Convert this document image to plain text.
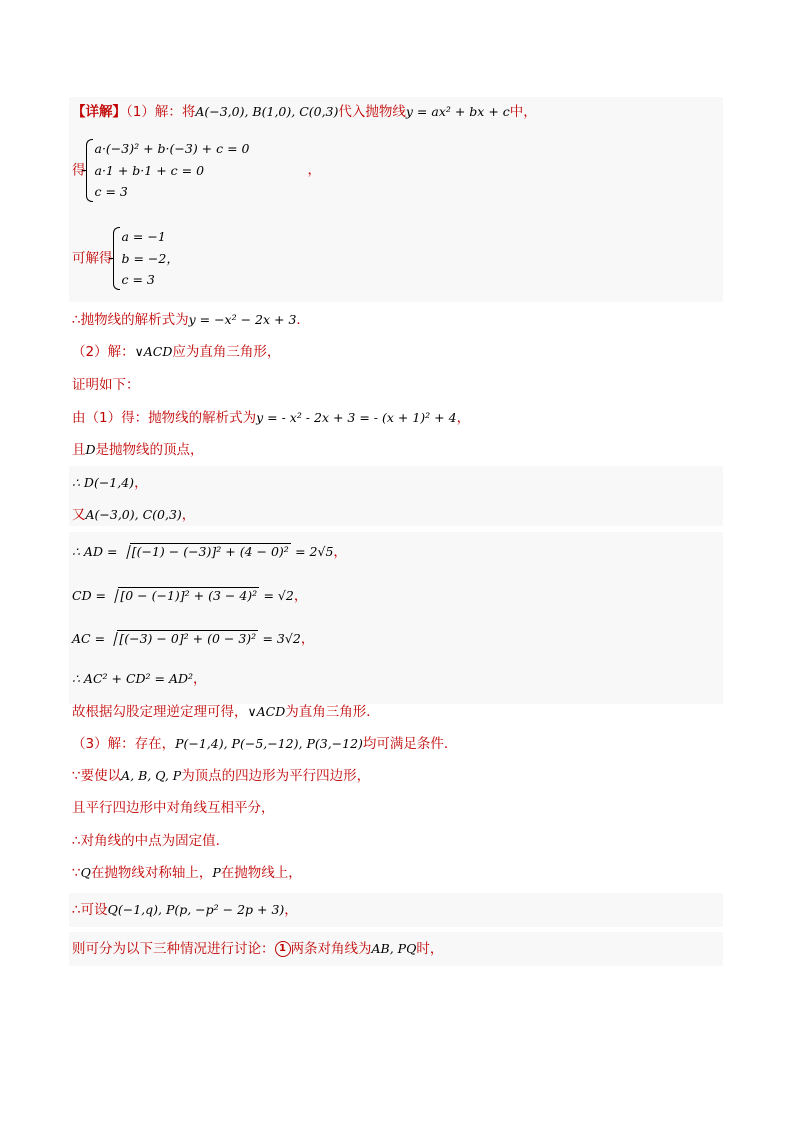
【详解】（1）解：将A(−3,0), B(1,0), C(0,3)代入抛物线y = ax² + bx + c中，
得
a·(−3)² + b·(−3) + c = 0
a·1 + b·1 + c = 0
c = 3
，
可解得
a = −1
b = −2，
c = 3
∴抛物线的解析式为y = −x² − 2x + 3．
（2）解：∨ACD应为直角三角形，
证明如下：
由（1）得：抛物线的解析式为y = - x² - 2x + 3 = - (x + 1)² + 4，
且D是抛物线的顶点，
∴ D(−1,4)，
又A(−3,0), C(0,3)，
∴ AD = [(−1) − (−3)]² + (4 − 0)² = 2√5，
CD = [0 − (−1)]² + (3 − 4)² = √2，
AC = [(−3) − 0]² + (0 − 3)² = 3√2，
∴ AC² + CD² = AD²，
故根据勾股定理逆定理可得，∨ACD为直角三角形．
（3）解：存在，P(−1,4), P(−5,−12), P(3,−12)均可满足条件．
∵要使以A, B, Q, P为顶点的四边形为平行四边形，
且平行四边形中对角线互相平分，
∴对角线的中点为固定值．
∵Q在抛物线对称轴上，P在抛物线上，
∴可设Q(−1,q), P(p, −p² − 2p + 3)，
则可分为以下三种情况进行讨论： 1 两条对角线为AB, PQ时，
